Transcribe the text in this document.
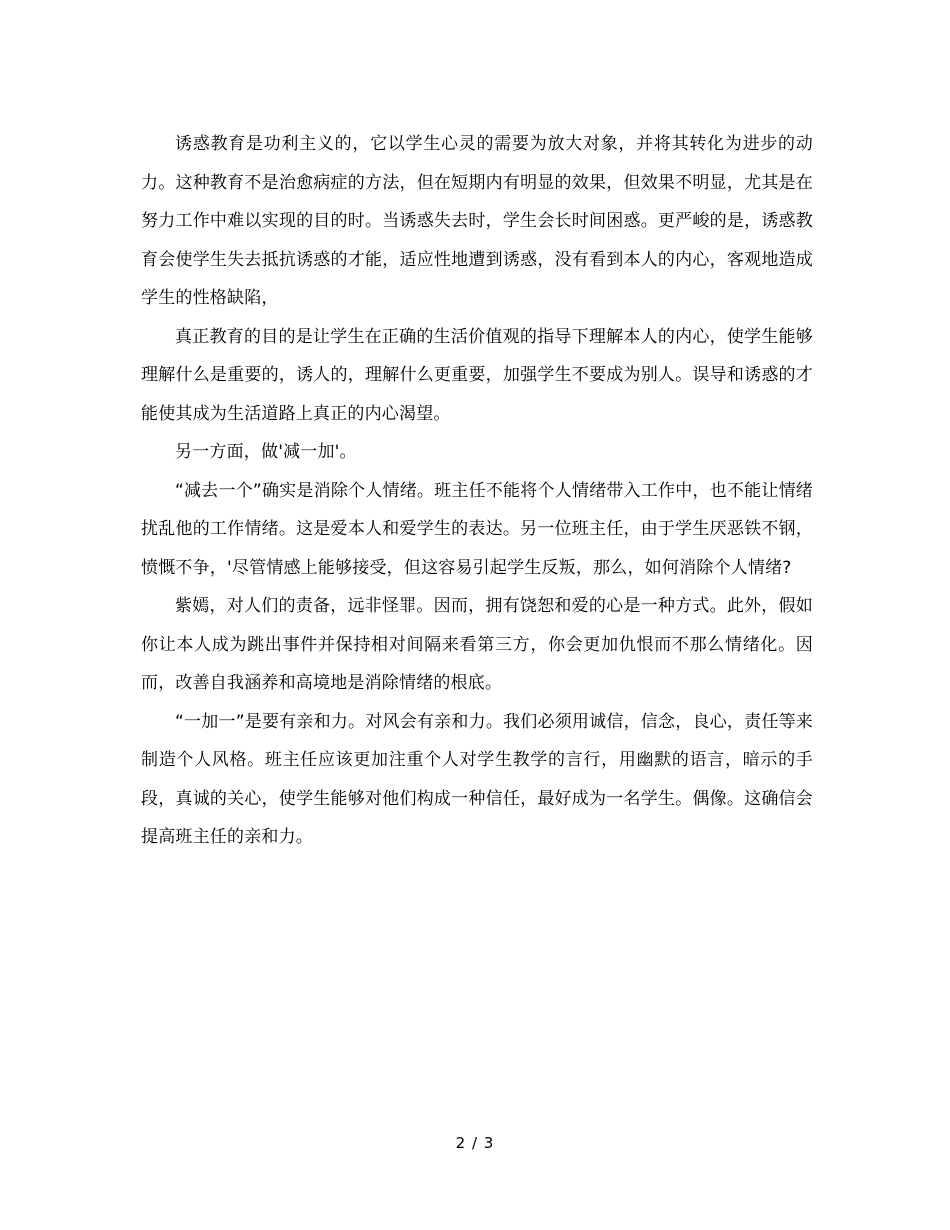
诱惑教育是功利主义的，它以学生心灵的需要为放大对象，并将其转化为进步的动力。这种教育不是治愈病症的方法，但在短期内有明显的效果，但效果不明显，尤其是在努力工作中难以实现的目的时。当诱惑失去时，学生会长时间困惑。更严峻的是，诱惑教育会使学生失去抵抗诱惑的才能，适应性地遭到诱惑，没有看到本人的内心，客观地造成学生的性格缺陷，

真正教育的目的是让学生在正确的生活价值观的指导下理解本人的内心，使学生能够理解什么是重要的，诱人的，理解什么更重要，加强学生不要成为别人。误导和诱惑的才能使其成为生活道路上真正的内心渴望。

另一方面，做'减一加'。

“减去一个”确实是消除个人情绪。班主任不能将个人情绪带入工作中，也不能让情绪扰乱他的工作情绪。这是爱本人和爱学生的表达。另一位班主任，由于学生厌恶铁不钢，愤慨不争，'尽管情感上能够接受，但这容易引起学生反叛，那么，如何消除个人情绪?

紫嫣，对人们的责备，远非怪罪。因而，拥有饶恕和爱的心是一种方式。此外，假如你让本人成为跳出事件并保持相对间隔来看第三方，你会更加仇恨而不那么情绪化。因而，改善自我涵养和高境地是消除情绪的根底。

“一加一”是要有亲和力。对风会有亲和力。我们必须用诚信，信念，良心，责任等来制造个人风格。班主任应该更加注重个人对学生教学的言行，用幽默的语言，暗示的手段，真诚的关心，使学生能够对他们构成一种信任，最好成为一名学生。偶像。这确信会提高班主任的亲和力。

2 / 3
